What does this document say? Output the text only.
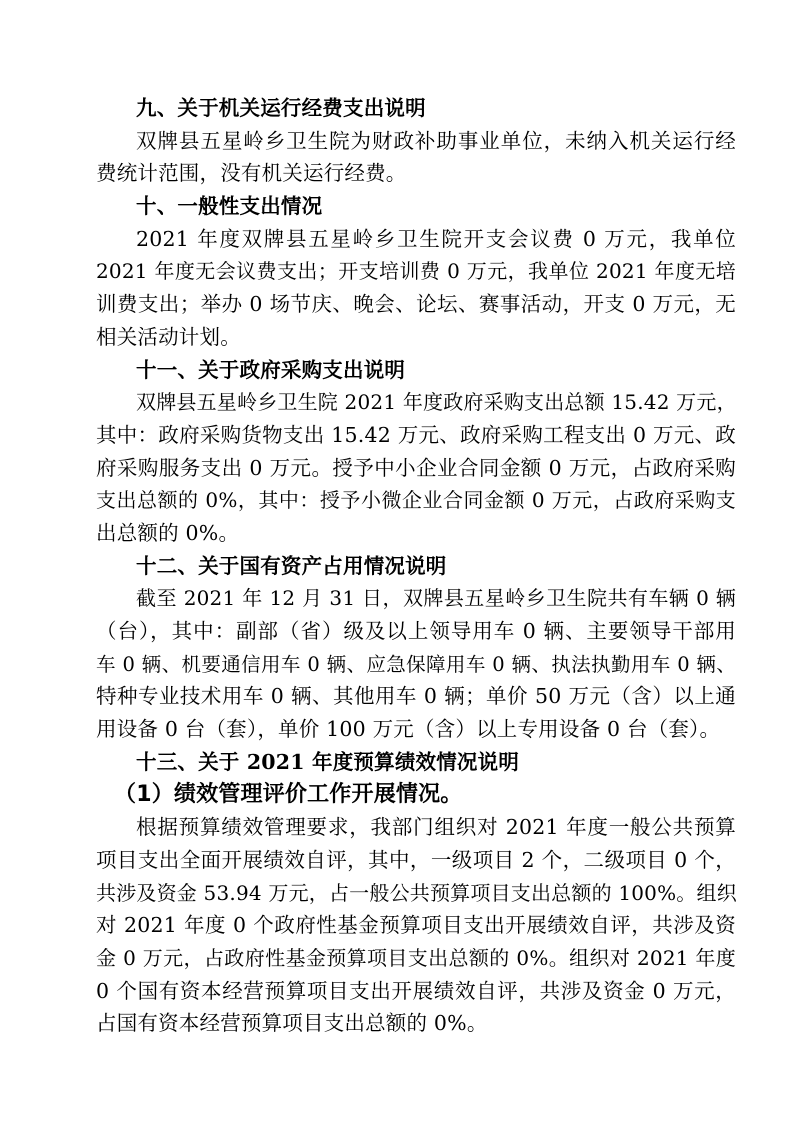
九、关于机关运行经费支出说明
双牌县五星岭乡卫生院为财政补助事业单位，未纳入机关运行经
费统计范围，没有机关运行经费。
十、一般性支出情况
2021 年度双牌县五星岭乡卫生院开支会议费 0 万元，我单位
2021 年度无会议费支出；开支培训费 0 万元，我单位 2021 年度无培
训费支出；举办 0 场节庆、晚会、论坛、赛事活动，开支 0 万元，无
相关活动计划。
十一、关于政府采购支出说明
双牌县五星岭乡卫生院 2021 年度政府采购支出总额 15.42 万元，
其中：政府采购货物支出 15.42 万元、政府采购工程支出 0 万元、政
府采购服务支出 0 万元。授予中小企业合同金额 0 万元，占政府采购
支出总额的 0%，其中：授予小微企业合同金额 0 万元，占政府采购支
出总额的 0%。
十二、关于国有资产占用情况说明
截至 2021 年 12 月 31 日，双牌县五星岭乡卫生院共有车辆 0 辆
（台），其中：副部（省）级及以上领导用车 0 辆、主要领导干部用
车 0 辆、机要通信用车 0 辆、应急保障用车 0 辆、执法执勤用车 0 辆、
特种专业技术用车 0 辆、其他用车 0 辆；单价 50 万元（含）以上通
用设备 0 台（套），单价 100 万元（含）以上专用设备 0 台（套）。
十三、关于 2021 年度预算绩效情况说明
（1）绩效管理评价工作开展情况。
根据预算绩效管理要求，我部门组织对 2021 年度一般公共预算
项目支出全面开展绩效自评，其中，一级项目 2 个，二级项目 0 个，
共涉及资金 53.94 万元，占一般公共预算项目支出总额的 100%。组织
对 2021 年度 0 个政府性基金预算项目支出开展绩效自评，共涉及资
金 0 万元，占政府性基金预算项目支出总额的 0%。组织对 2021 年度
0 个国有资本经营预算项目支出开展绩效自评，共涉及资金 0 万元，
占国有资本经营预算项目支出总额的 0%。
